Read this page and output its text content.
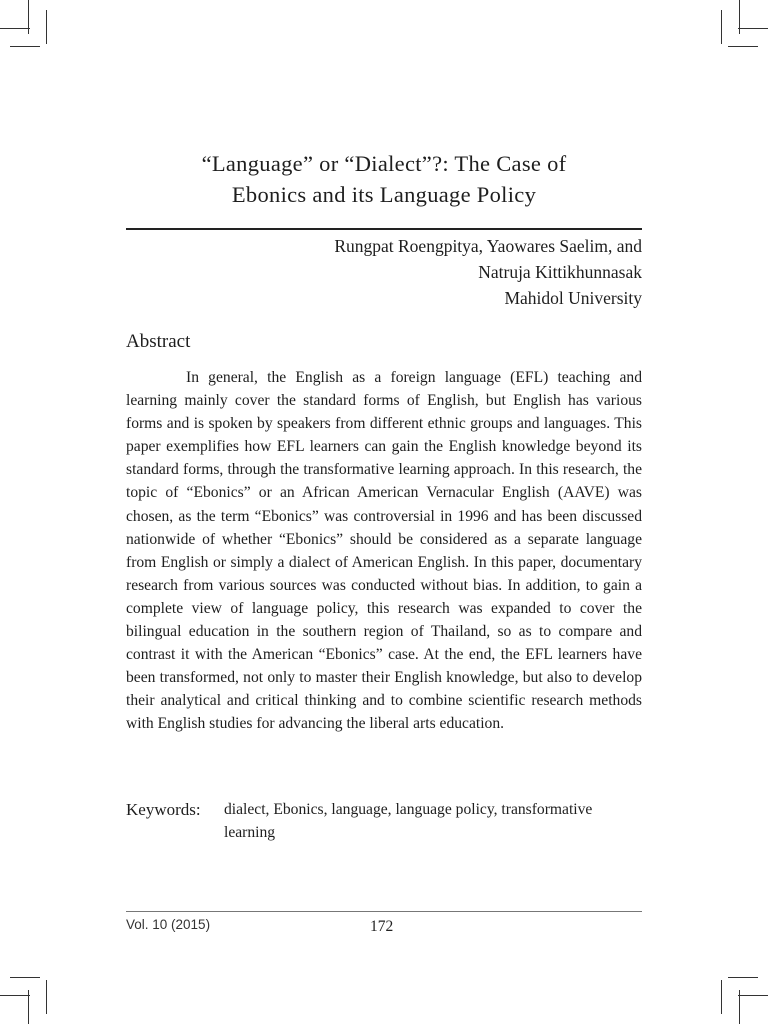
“Language” or “Dialect”?: The Case of
Ebonics and its Language Policy
Rungpat Roengpitya, Yaowares Saelim, and
Natruja Kittikhunnasak
Mahidol University
Abstract

In general, the English as a foreign language (EFL) teaching and learning mainly cover the standard forms of English, but English has various forms and is spoken by speakers from different ethnic groups and languages. This paper exemplifies how EFL learners can gain the English knowledge beyond its standard forms, through the transformative learning approach. In this research, the topic of “Ebonics” or an African American Vernacular English (AAVE) was chosen, as the term “Ebonics” was controversial in 1996 and has been discussed nationwide of whether “Ebonics” should be considered as a separate language from English or simply a dialect of American English. In this paper, documentary research from various sources was conducted without bias. In addition, to gain a complete view of language policy, this research was expanded to cover the bilingual education in the southern region of Thailand, so as to compare and contrast it with the American “Ebonics” case. At the end, the EFL learners have been transformed, not only to master their English knowledge, but also to develop their analytical and critical thinking and to combine scientific research methods with English studies for advancing the liberal arts education.

Keywords: dialect, Ebonics, language, language policy, transformative learning
Vol. 10 (2015)	172
